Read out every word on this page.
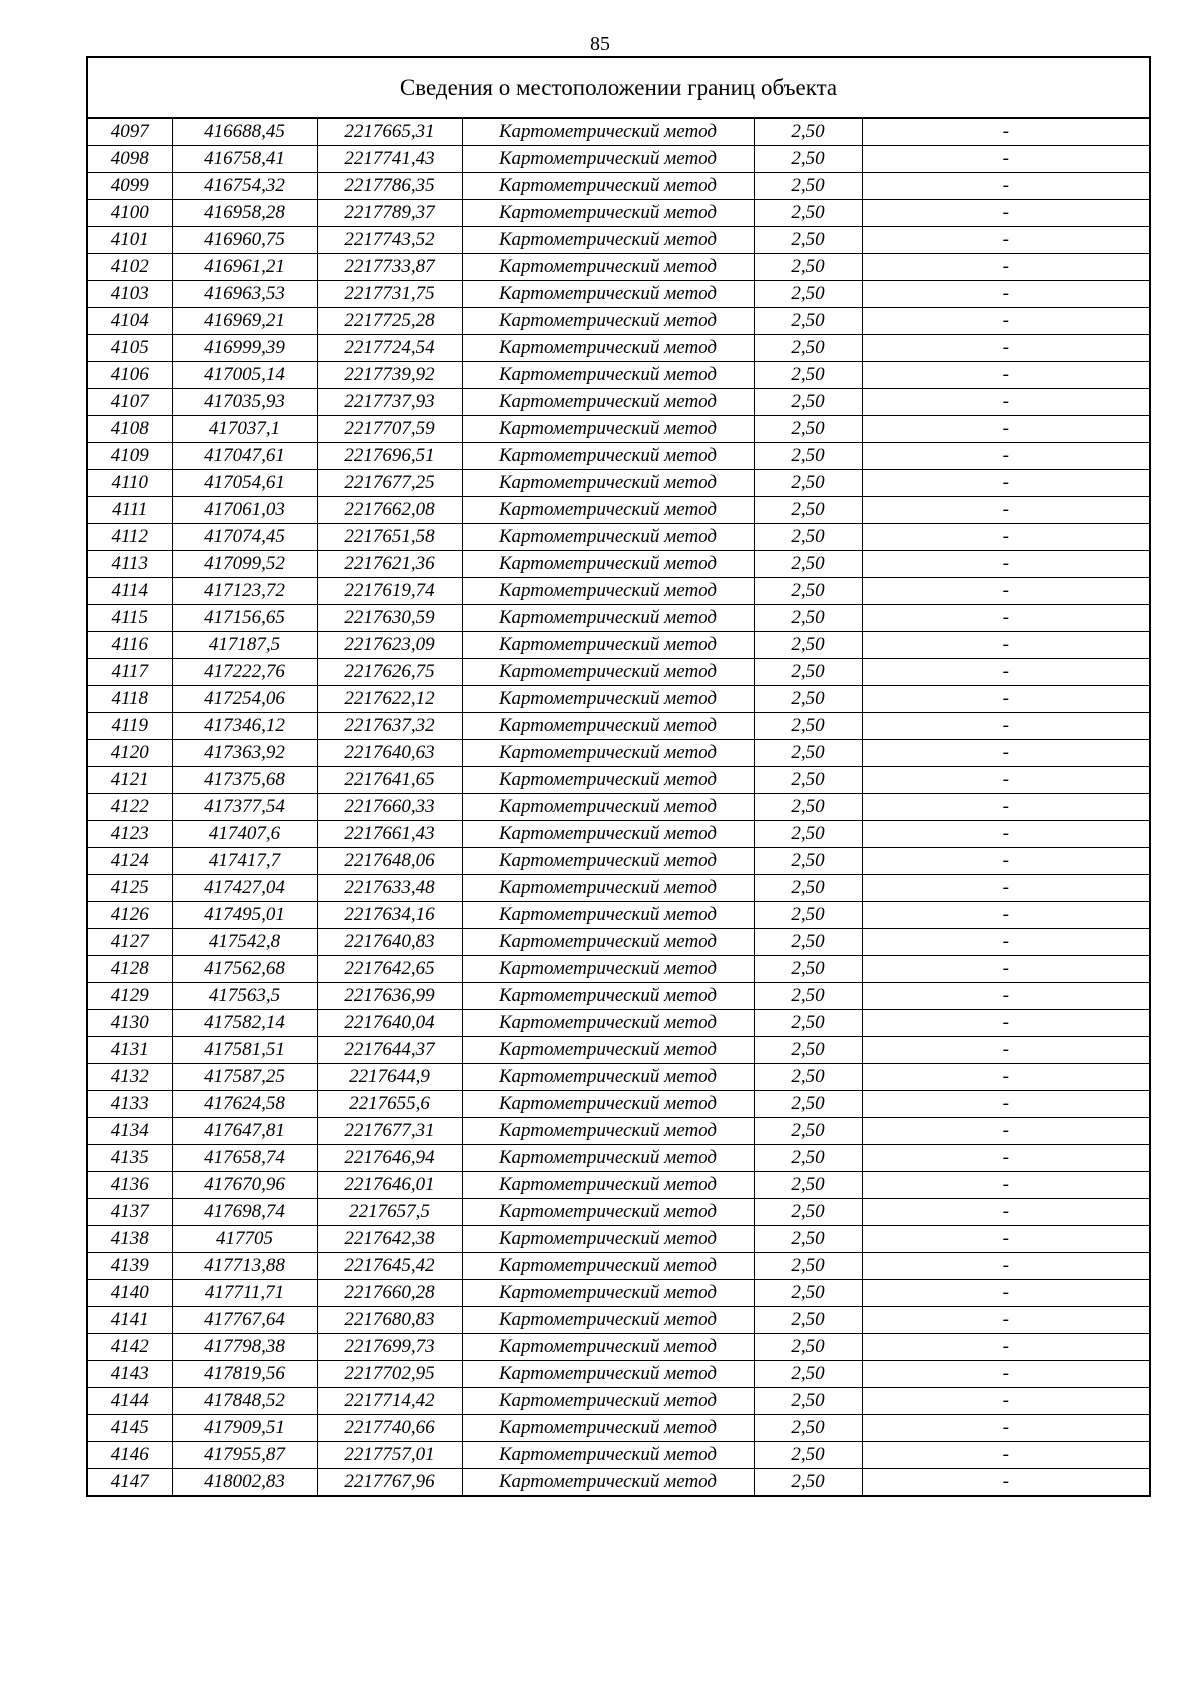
85
Сведения о местоположении границ объекта					
4097	416688,45	2217665,31	Картометрический метод	2,50	-
4098	416758,41	2217741,43	Картометрический метод	2,50	-
4099	416754,32	2217786,35	Картометрический метод	2,50	-
4100	416958,28	2217789,37	Картометрический метод	2,50	-
4101	416960,75	2217743,52	Картометрический метод	2,50	-
4102	416961,21	2217733,87	Картометрический метод	2,50	-
4103	416963,53	2217731,75	Картометрический метод	2,50	-
4104	416969,21	2217725,28	Картометрический метод	2,50	-
4105	416999,39	2217724,54	Картометрический метод	2,50	-
4106	417005,14	2217739,92	Картометрический метод	2,50	-
4107	417035,93	2217737,93	Картометрический метод	2,50	-
4108	417037,1	2217707,59	Картометрический метод	2,50	-
4109	417047,61	2217696,51	Картометрический метод	2,50	-
4110	417054,61	2217677,25	Картометрический метод	2,50	-
4111	417061,03	2217662,08	Картометрический метод	2,50	-
4112	417074,45	2217651,58	Картометрический метод	2,50	-
4113	417099,52	2217621,36	Картометрический метод	2,50	-
4114	417123,72	2217619,74	Картометрический метод	2,50	-
4115	417156,65	2217630,59	Картометрический метод	2,50	-
4116	417187,5	2217623,09	Картометрический метод	2,50	-
4117	417222,76	2217626,75	Картометрический метод	2,50	-
4118	417254,06	2217622,12	Картометрический метод	2,50	-
4119	417346,12	2217637,32	Картометрический метод	2,50	-
4120	417363,92	2217640,63	Картометрический метод	2,50	-
4121	417375,68	2217641,65	Картометрический метод	2,50	-
4122	417377,54	2217660,33	Картометрический метод	2,50	-
4123	417407,6	2217661,43	Картометрический метод	2,50	-
4124	417417,7	2217648,06	Картометрический метод	2,50	-
4125	417427,04	2217633,48	Картометрический метод	2,50	-
4126	417495,01	2217634,16	Картометрический метод	2,50	-
4127	417542,8	2217640,83	Картометрический метод	2,50	-
4128	417562,68	2217642,65	Картометрический метод	2,50	-
4129	417563,5	2217636,99	Картометрический метод	2,50	-
4130	417582,14	2217640,04	Картометрический метод	2,50	-
4131	417581,51	2217644,37	Картометрический метод	2,50	-
4132	417587,25	2217644,9	Картометрический метод	2,50	-
4133	417624,58	2217655,6	Картометрический метод	2,50	-
4134	417647,81	2217677,31	Картометрический метод	2,50	-
4135	417658,74	2217646,94	Картометрический метод	2,50	-
4136	417670,96	2217646,01	Картометрический метод	2,50	-
4137	417698,74	2217657,5	Картометрический метод	2,50	-
4138	417705	2217642,38	Картометрический метод	2,50	-
4139	417713,88	2217645,42	Картометрический метод	2,50	-
4140	417711,71	2217660,28	Картометрический метод	2,50	-
4141	417767,64	2217680,83	Картометрический метод	2,50	-
4142	417798,38	2217699,73	Картометрический метод	2,50	-
4143	417819,56	2217702,95	Картометрический метод	2,50	-
4144	417848,52	2217714,42	Картометрический метод	2,50	-
4145	417909,51	2217740,66	Картометрический метод	2,50	-
4146	417955,87	2217757,01	Картометрический метод	2,50	-
4147	418002,83	2217767,96	Картометрический метод	2,50	-
